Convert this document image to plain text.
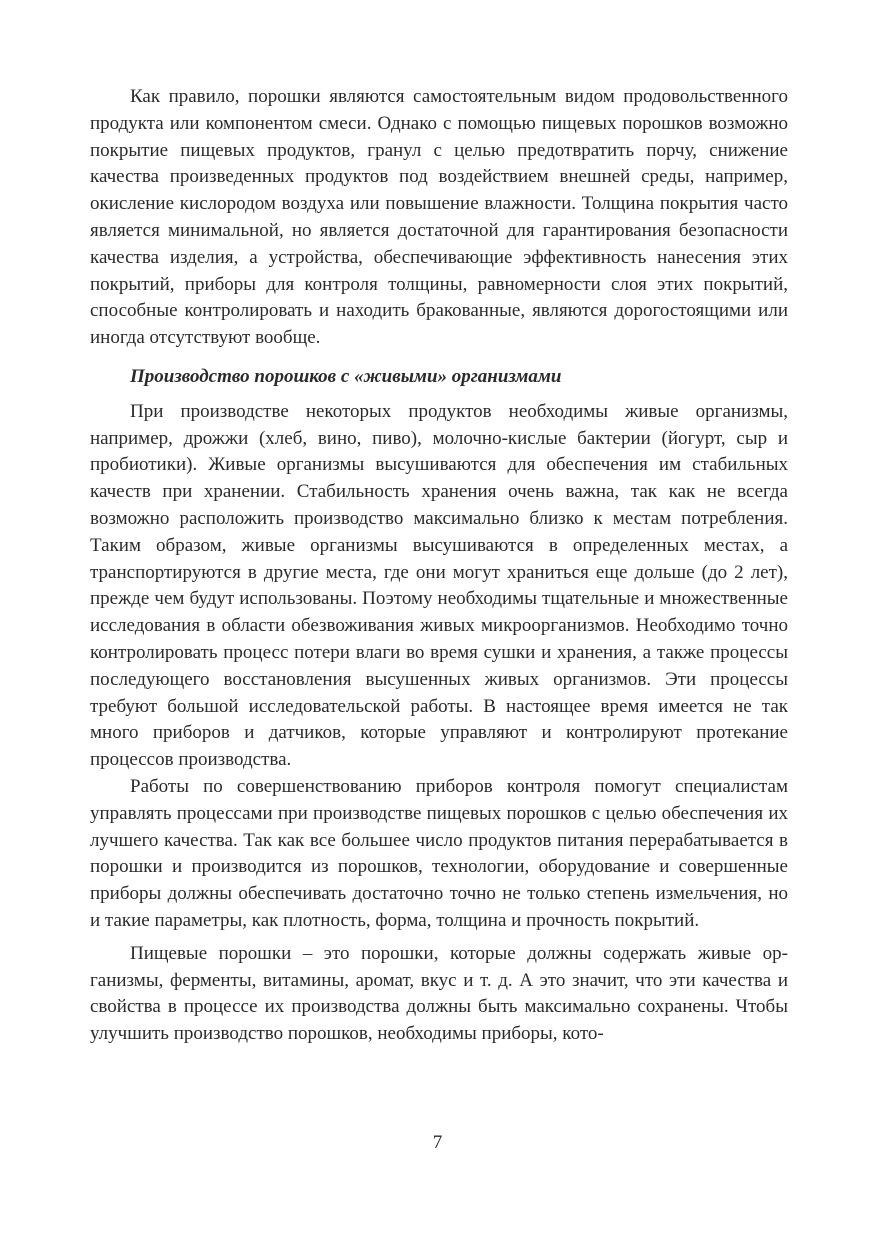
Как правило, порошки являются самостоятельным видом продовольственного продукта или компонентом смеси. Однако с помощью пищевых порошков возможно покрытие пищевых продуктов, гранул с целью предотвратить порчу, снижение качества произведенных продуктов под воздействием внешней среды, например, окисление кислородом воздуха или повышение влажности. Толщина покрытия часто является минимальной, но является достаточной для гарантирования безопасности качества изделия, а устройства, обеспечивающие эффективность нанесения этих покрытий, приборы для контроля толщины, равномерности слоя этих покрытий, способные контролировать и находить бракованные, являются дорогостоящими или иногда отсутствуют вообще.

Производство порошков с «живыми» организмами

При производстве некоторых продуктов необходимы живые организмы, например, дрожжи (хлеб, вино, пиво), молочно-кислые бактерии (йогурт, сыр и пробиотики). Живые организмы высушиваются для обеспечения им стабильных качеств при хранении. Стабильность хранения очень важна, так как не всегда возможно расположить производство максимально близко к местам потребления. Таким образом, живые организмы высушиваются в определенных местах, а транспортируются в другие места, где они могут храниться еще дольше (до 2 лет), прежде чем будут использованы. Поэтому необходимы тщательные и множественные исследования в области обезвоживания живых микроорганизмов. Необходимо точно контролировать процесс потери влаги во время сушки и хранения, а также процессы последующего восстановления высушенных живых организмов. Эти процессы требуют большой исследовательской работы. В настоящее время имеется не так много приборов и датчиков, которые управляют и контролируют протекание процессов производства.

Работы по совершенствованию приборов контроля помогут специалистам управлять процессами при производстве пищевых порошков с целью обеспечения их лучшего качества. Так как все большее число продуктов питания перерабатывается в порошки и производится из порошков, технологии, оборудование и совершенные приборы должны обеспечивать достаточно точно не только степень измельчения, но и такие параметры, как плотность, форма, толщина и прочность покрытий.

Пищевые порошки – это порошки, которые должны содержать живые организмы, ферменты, витамины, аромат, вкус и т. д. А это значит, что эти качества и свойства в процессе их производства должны быть максимально сохранены. Чтобы улучшить производство порошков, необходимы приборы, кото-

7
